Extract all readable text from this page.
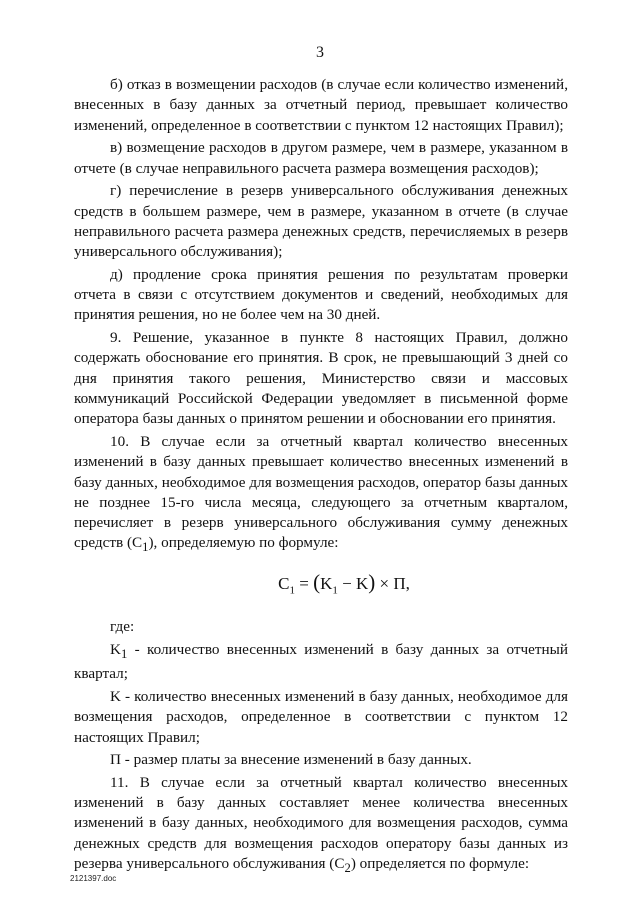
3

б) отказ в возмещении расходов (в случае если количество изменений, внесенных в базу данных за отчетный период, превышает количество изменений, определенное в соответствии с пунктом 12 настоящих Правил);

в) возмещение расходов в другом размере, чем в размере, указанном в отчете (в случае неправильного расчета размера возмещения расходов);

г) перечисление в резерв универсального обслуживания денежных средств в большем размере, чем в размере, указанном в отчете (в случае неправильного расчета размера денежных средств, перечисляемых в резерв универсального обслуживания);

д) продление срока принятия решения по результатам проверки отчета в связи с отсутствием документов и сведений, необходимых для принятия решения, но не более чем на 30 дней.

9. Решение, указанное в пункте 8 настоящих Правил, должно содержать обоснование его принятия. В срок, не превышающий 3 дней со дня принятия такого решения, Министерство связи и массовых коммуникаций Российской Федерации уведомляет в письменной форме оператора базы данных о принятом решении и обосновании его принятия.

10. В случае если за отчетный квартал количество внесенных изменений в базу данных превышает количество внесенных изменений в базу данных, необходимое для возмещения расходов, оператор базы данных не позднее 15-го числа месяца, следующего за отчетным кварталом, перечисляет в резерв универсального обслуживания сумму денежных средств $(С_1)$, определяемую по формуле:

$C_1 = (K_1 - K) \times П$,

где:

$K_1$ - количество внесенных изменений в базу данных за отчетный квартал;

K - количество внесенных изменений в базу данных, необходимое для возмещения расходов, определенное в соответствии с пунктом 12 настоящих Правил;

П - размер платы за внесение изменений в базу данных.

11. В случае если за отчетный квартал количество внесенных изменений в базу данных составляет менее количества внесенных изменений в базу данных, необходимого для возмещения расходов, сумма денежных средств для возмещения расходов оператору базы данных из резерва универсального обслуживания $(С_2)$ определяется по формуле:

2121397.doc
